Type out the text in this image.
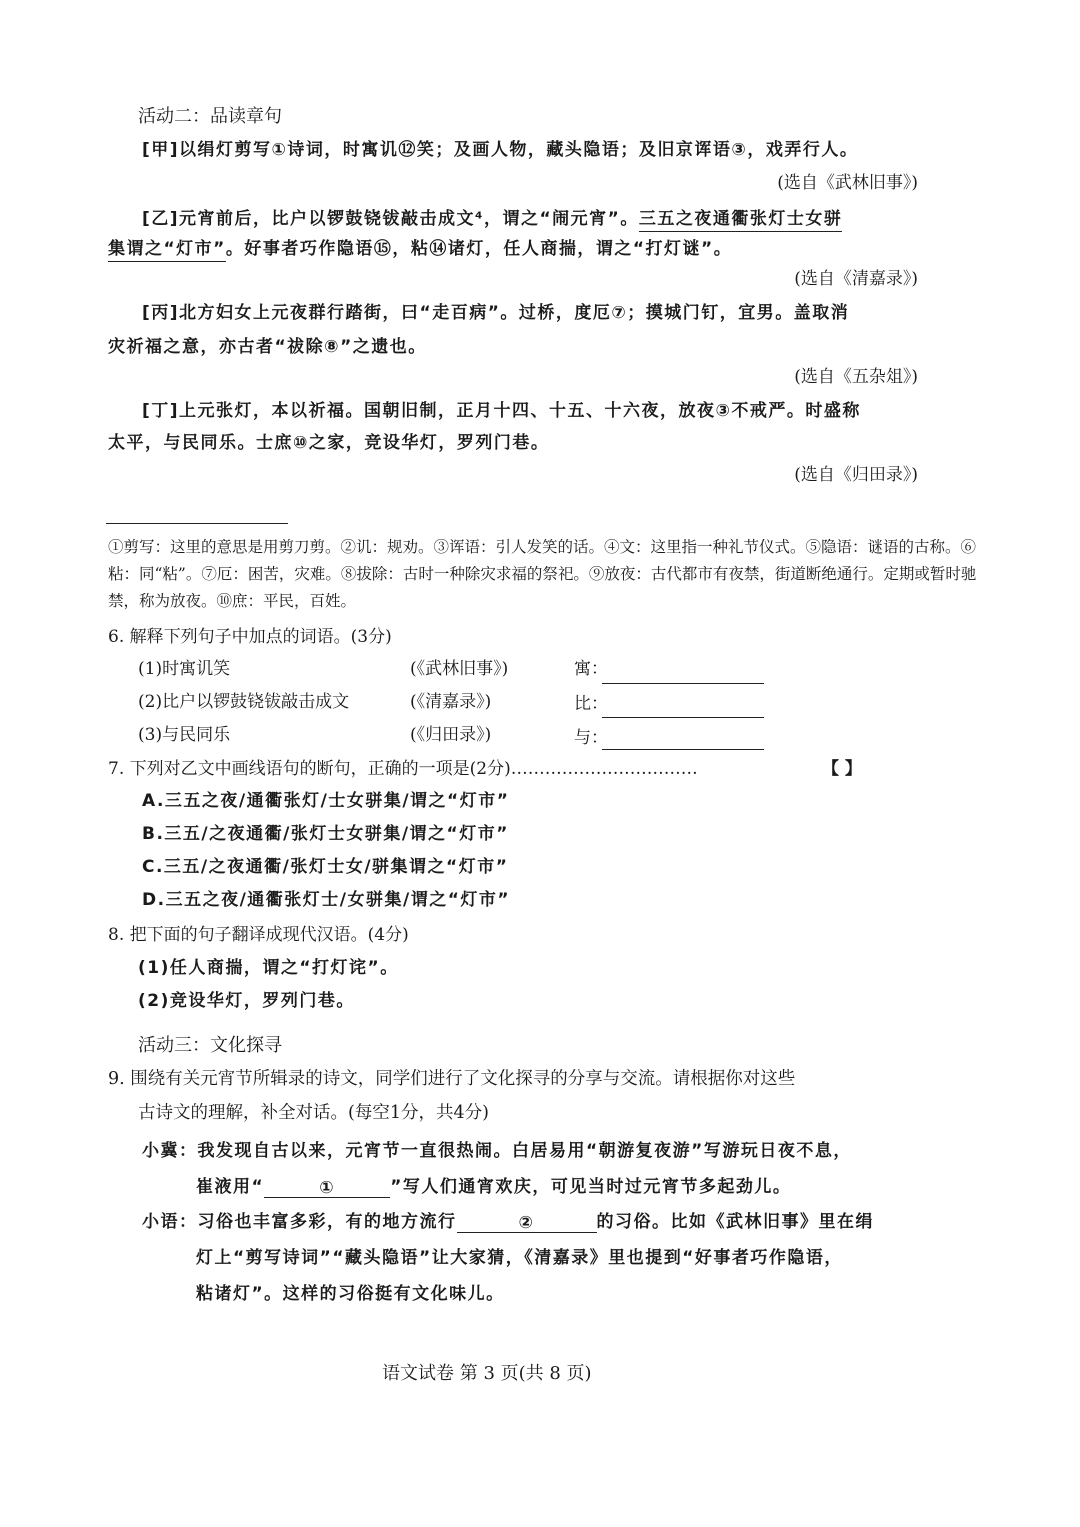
活动二：品读章句
[甲]以绢灯剪写①诗词，时寓讥⑫笑；及画人物，藏头隐语；及旧京诨语③，戏弄行人。
(选自《武林旧事》)
[乙]元宵前后，比户以锣鼓铙钹敲击成文⁴，谓之“闹元宵”。三五之夜通衢张灯士女骈
集谓之“灯市”。好事者巧作隐语⑮，粘⑭诸灯，任人商揣，谓之“打灯谜”。
(选自《清嘉录》)
[丙]北方妇女上元夜群行踏街，曰“走百病”。过桥，度厄⑦；摸城门钉，宜男。盖取消
灾祈福之意，亦古者“祓除⑧”之遗也。
(选自《五杂俎》)
[丁]上元张灯，本以祈福。国朝旧制，正月十四、十五、十六夜，放夜③不戒严。时盛称
太平，与民同乐。士庶⑩之家，竞设华灯，罗列门巷。
(选自《归田录》)
①剪写：这里的意思是用剪刀剪。②讥：规劝。③诨语：引人发笑的话。④文：这里指一种礼节仪式。⑤隐语：谜语的古称。⑥粘：同“粘”。⑦厄：困苦，灾难。⑧拔除：古时一种除灾求福的祭祀。⑨放夜：古代都市有夜禁，街道断绝通行。定期或暂时驰禁，称为放夜。⑩庶：平民，百姓。
6. 解释下列句子中加点的词语。(3分)
(1)时寓讥笑	(《武林旧事》)	寓：
(2)比户以锣鼓铙钹敲击成文	(《清嘉录》)	比：
(3)与民同乐	(《归田录》)	与：
7. 下列对乙文中画线语句的断句，正确的一项是(2分)……………………………	【 】
A.三五之夜/通衢张灯/士女骈集/谓之“灯市”
B.三五/之夜通衢/张灯士女骈集/谓之“灯市”
C.三五/之夜通衢/张灯士女/骈集谓之“灯市”
D.三五之夜/通衢张灯士/女骈集/谓之“灯市”
8. 把下面的句子翻译成现代汉语。(4分)
(1)任人商揣，谓之“打灯诧”。
(2)竞设华灯，罗列门巷。
活动三：文化探寻
9. 围绕有关元宵节所辑录的诗文，同学们进行了文化探寻的分享与交流。请根据你对这些
古诗文的理解，补全对话。(每空1分，共4分)
小冀：我发现自古以来，元宵节一直很热闹。白居易用“朝游复夜游”写游玩日夜不息，
崔液用“	①	”写人们通宵欢庆，可见当时过元宵节多起劲儿。
小语：习俗也丰富多彩，有的地方流行	②	的习俗。比如《武林旧事》里在绢
灯上“剪写诗词”“藏头隐语”让大家猜，《清嘉录》里也提到“好事者巧作隐语，
粘诸灯”。这样的习俗挺有文化味儿。
语文试卷 第 3 页(共 8 页)
